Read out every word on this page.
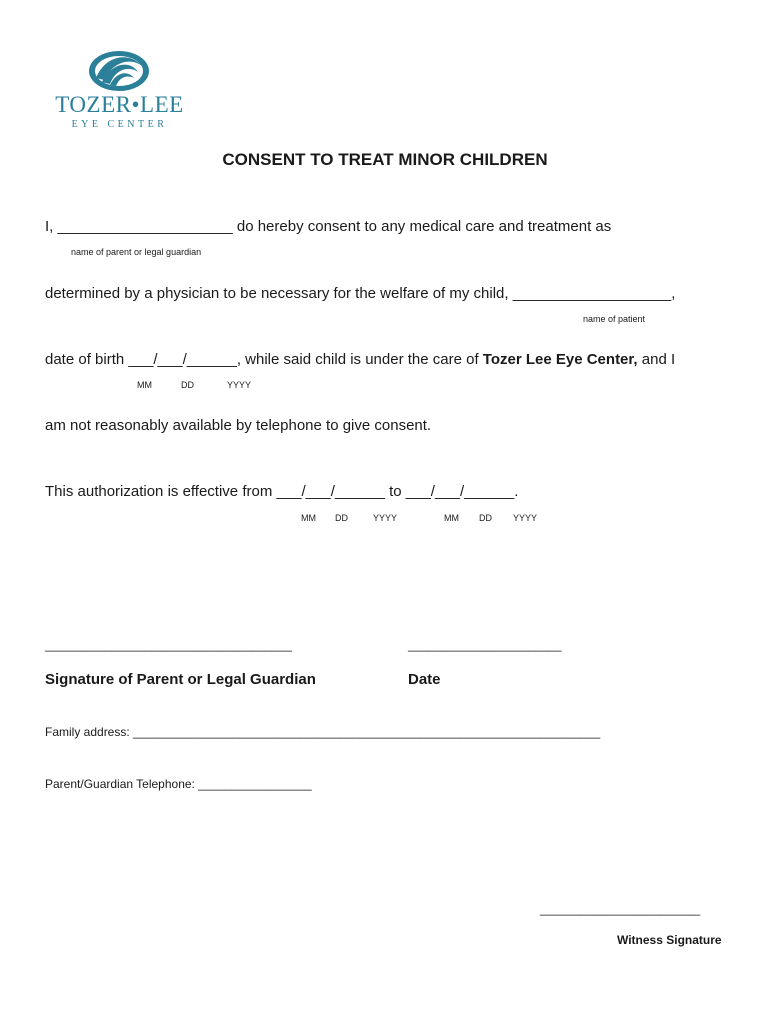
TOZER•LEE
EYE CENTER
CONSENT TO TREAT MINOR CHILDREN
I, _____________________ do hereby consent to any medical care and treatment as
name of parent or legal guardian
determined by a physician to be necessary for the welfare of my child, ___________________,
name of patient
date of birth ___/___/______, while said child is under the care of Tozer Lee Eye Center, and I
MM	DD	YYYY
am not reasonably available by telephone to give consent.
This authorization is effective from ___/___/______ to ___/___/______.
MM DD	YYYY	MM DD YYYY
_____________________________________	_______________________
Signature of Parent or Legal Guardian	Date
Family address: ______________________________________________________________________
Parent/Guardian Telephone: _________________
________________________
Witness Signature
